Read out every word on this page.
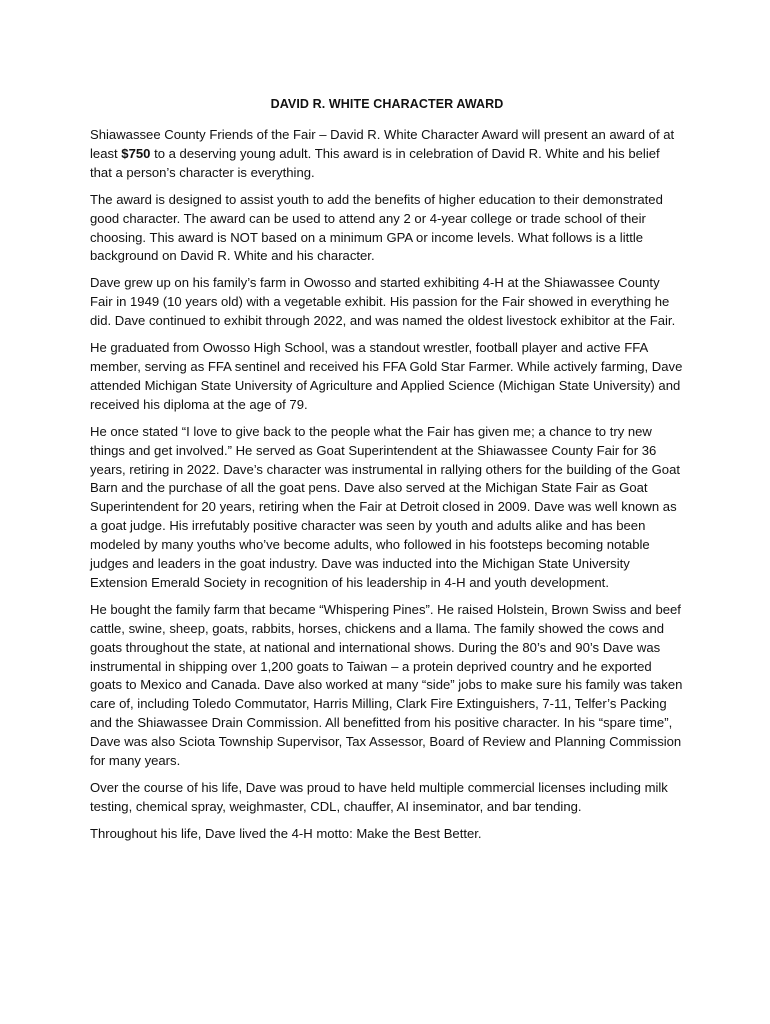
DAVID R. WHITE CHARACTER AWARD

Shiawassee County Friends of the Fair – David R. White Character Award will present an award of at least $750 to a deserving young adult. This award is in celebration of David R. White and his belief that a person’s character is everything.

The award is designed to assist youth to add the benefits of higher education to their demonstrated good character. The award can be used to attend any 2 or 4-year college or trade school of their choosing. This award is NOT based on a minimum GPA or income levels. What follows is a little background on David R. White and his character.

Dave grew up on his family’s farm in Owosso and started exhibiting 4-H at the Shiawassee County Fair in 1949 (10 years old) with a vegetable exhibit. His passion for the Fair showed in everything he did. Dave continued to exhibit through 2022, and was named the oldest livestock exhibitor at the Fair.

He graduated from Owosso High School, was a standout wrestler, football player and active FFA member, serving as FFA sentinel and received his FFA Gold Star Farmer. While actively farming, Dave attended Michigan State University of Agriculture and Applied Science (Michigan State University) and received his diploma at the age of 79.

He once stated “I love to give back to the people what the Fair has given me; a chance to try new things and get involved.” He served as Goat Superintendent at the Shiawassee County Fair for 36 years, retiring in 2022. Dave’s character was instrumental in rallying others for the building of the Goat Barn and the purchase of all the goat pens. Dave also served at the Michigan State Fair as Goat Superintendent for 20 years, retiring when the Fair at Detroit closed in 2009. Dave was well known as a goat judge. His irrefutably positive character was seen by youth and adults alike and has been modeled by many youths who’ve become adults, who followed in his footsteps becoming notable judges and leaders in the goat industry. Dave was inducted into the Michigan State University Extension Emerald Society in recognition of his leadership in 4-H and youth development.

He bought the family farm that became “Whispering Pines”. He raised Holstein, Brown Swiss and beef cattle, swine, sheep, goats, rabbits, horses, chickens and a llama. The family showed the cows and goats throughout the state, at national and international shows. During the 80’s and 90’s Dave was instrumental in shipping over 1,200 goats to Taiwan – a protein deprived country and he exported goats to Mexico and Canada. Dave also worked at many “side” jobs to make sure his family was taken care of, including Toledo Commutator, Harris Milling, Clark Fire Extinguishers, 7-11, Telfer’s Packing and the Shiawassee Drain Commission. All benefitted from his positive character. In his “spare time”, Dave was also Sciota Township Supervisor, Tax Assessor, Board of Review and Planning Commission for many years.

Over the course of his life, Dave was proud to have held multiple commercial licenses including milk testing, chemical spray, weighmaster, CDL, chauffer, AI inseminator, and bar tending.

Throughout his life, Dave lived the 4-H motto: Make the Best Better.
